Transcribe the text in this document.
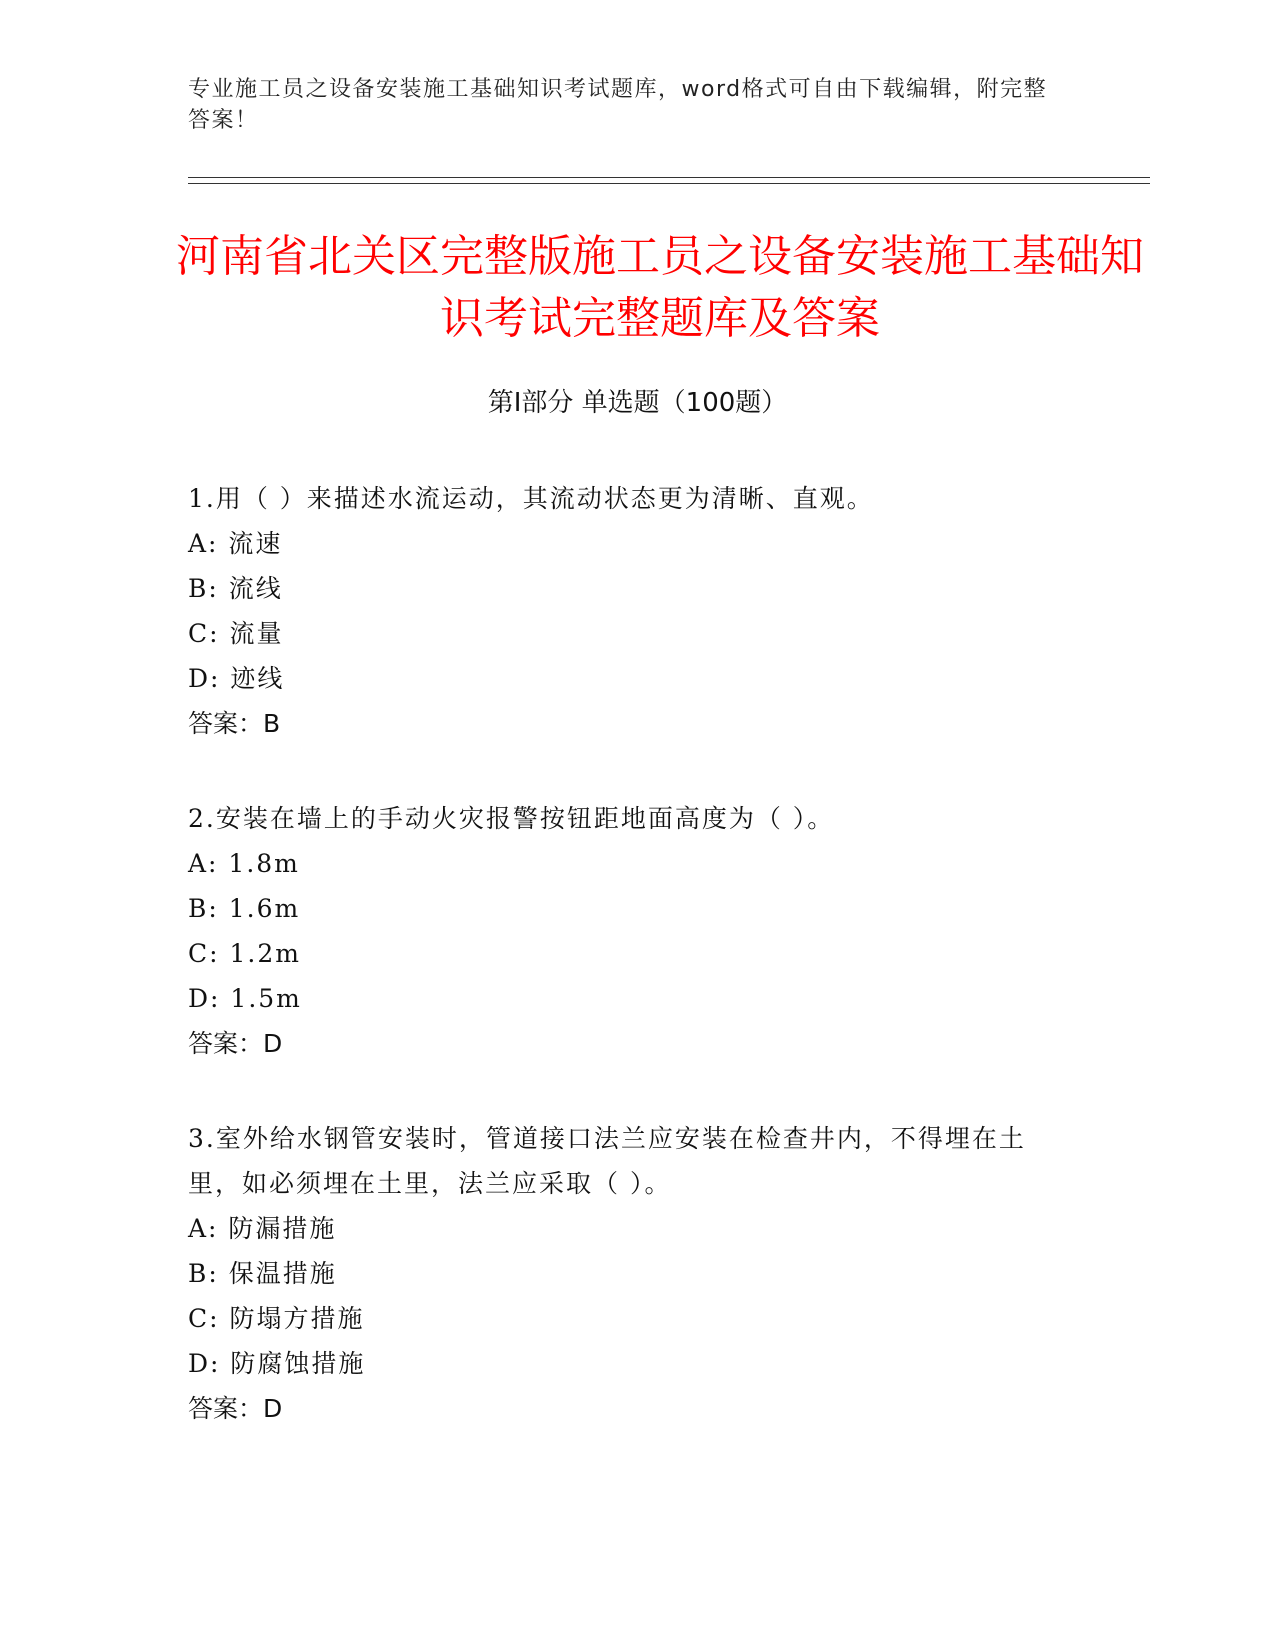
专业施工员之设备安装施工基础知识考试题库，word格式可自由下载编辑，附完整答案！
河南省北关区完整版施工员之设备安装施工基础知识考试完整题库及答案
第Ⅰ部分 单选题（100题）

1.用（ ）来描述水流运动，其流动状态更为清晰、直观。

A: 流速

B: 流线

C: 流量

D: 迹线

答案：B

2.安装在墙上的手动火灾报警按钮距地面高度为（ ）。

A: 1.8m

B: 1.6m

C: 1.2m

D: 1.5m

答案：D

3.室外给水钢管安装时，管道接口法兰应安装在检查井内，不得埋在土里，如必须埋在土里，法兰应采取（ ）。

A: 防漏措施

B: 保温措施

C: 防塌方措施

D: 防腐蚀措施

答案：D
